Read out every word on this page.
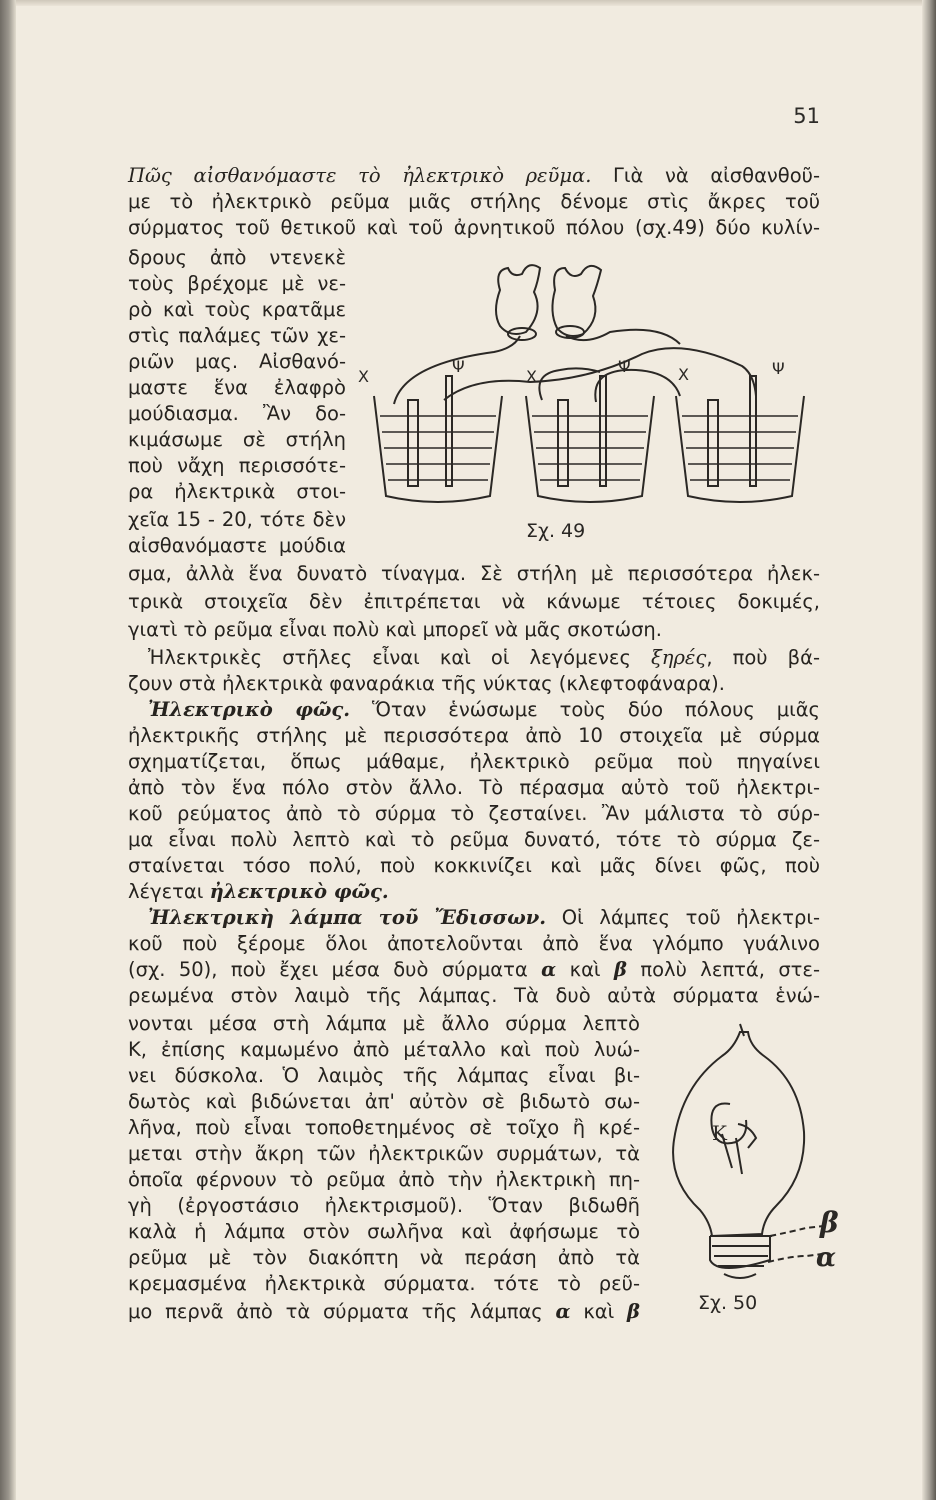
51
Πῶς αἰσθανόμαστε τὸ ἠλεκτρικὸ ρεῦμα. Γιὰ νὰ αἰσθανθοῦ-
με τὸ ἠλεκτρικὸ ρεῦμα μιᾶς στήλης δένομε στὶς ἄκρες τοῦ
σύρματος τοῦ θετικοῦ καὶ τοῦ ἀρνητικοῦ πόλου (σχ.49) δύο κυλίν-
δρους ἀπὸ ντενεκὲ
τοὺς βρέχομε μὲ νε-
ρὸ καὶ τοὺς κρατᾶμε
στὶς παλάμες τῶν χε-
ριῶν μας. Αἰσθανό-
μαστε ἕνα ἐλαφρὸ
μούδιασμα. Ἂν δο-
κιμάσωμε σὲ στήλη
ποὺ νἄχη περισσότε-
ρα ἠλεκτρικὰ στοι-
χεῖα 15 - 20, τότε δὲν
αἰσθανόμαστε μούδια
σμα, ἀλλὰ ἕνα δυνατὸ τίναγμα. Σὲ στήλη μὲ περισσότερα ἠλεκ-
τρικὰ στοιχεῖα δὲν ἐπιτρέπεται νὰ κάνωμε τέτοιες δοκιμές,
γιατὶ τὸ ρεῦμα εἶναι πολὺ καὶ μπορεῖ νὰ μᾶς σκοτώση.
Ἠλεκτρικὲς στῆλες εἶναι καὶ οἱ λεγόμενες ξηρές, ποὺ βά-
ζουν στὰ ἠλεκτρικὰ φαναράκια τῆς νύκτας (κλεφτοφάναρα).
Ἠλεκτρικὸ φῶς. Ὅταν ἑνώσωμε τοὺς δύο πόλους μιᾶς
ἠλεκτρικῆς στήλης μὲ περισσότερα ἀπὸ 10 στοιχεῖα μὲ σύρμα
σχηματίζεται, ὅπως μάθαμε, ἠλεκτρικὸ ρεῦμα ποὺ πηγαίνει
ἀπὸ τὸν ἕνα πόλο στὸν ἄλλο. Τὸ πέρασμα αὐτὸ τοῦ ἠλεκτρι-
κοῦ ρεύματος ἀπὸ τὸ σύρμα τὸ ζεσταίνει. Ἂν μάλιστα τὸ σύρ-
μα εἶναι πολὺ λεπτὸ καὶ τὸ ρεῦμα δυνατό, τότε τὸ σύρμα ζε-
σταίνεται τόσο πολύ, ποὺ κοκκινίζει καὶ μᾶς δίνει φῶς, ποὺ
λέγεται ἠλεκτρικὸ φῶς.
Ἠλεκτρικὴ λάμπα τοῦ Ἔδισσων. Οἱ λάμπες τοῦ ἠλεκτρι-
κοῦ ποὺ ξέρομε ὅλοι ἀποτελοῦνται ἀπὸ ἕνα γλόμπο γυάλινο
(σχ. 50), ποὺ ἔχει μέσα δυὸ σύρματα α καὶ β πολὺ λεπτά, στε-
ρεωμένα στὸν λαιμὸ τῆς λάμπας. Τὰ δυὸ αὐτὰ σύρματα ἑνώ-
νονται μέσα στὴ λάμπα μὲ ἄλλο σύρμα λεπτὸ
Κ, ἐπίσης καμωμένο ἀπὸ μέταλλο καὶ ποὺ λυώ-
νει δύσκολα. Ὁ λαιμὸς τῆς λάμπας εἶναι βι-
δωτὸς καὶ βιδώνεται ἀπ' αὐτὸν σὲ βιδωτὸ σω-
λῆνα, ποὺ εἶναι τοποθετημένος σὲ τοῖχο ἢ κρέ-
μεται στὴν ἄκρη τῶν ἠλεκτρικῶν συρμάτων, τὰ
ὁποῖα φέρνουν τὸ ρεῦμα ἀπὸ τὴν ἠλεκτρικὴ πη-
γὴ (ἐργοστάσιο ἠλεκτρισμοῦ). Ὅταν βιδωθῆ
καλὰ ἡ λάμπα στὸν σωλῆνα καὶ ἀφήσωμε τὸ
ρεῦμα μὲ τὸν διακόπτη νὰ περάση ἀπὸ τὰ
κρεμασμένα ἠλεκτρικὰ σύρματα. τότε τὸ ρεῦ-
μο περνᾶ ἀπὸ τὰ σύρματα τῆς λάμπας α καὶ β
Χ
Ψ
Χ
Ψ	Χ	Ψ
Σχ. 49
Κ
β
α
Σχ. 50
